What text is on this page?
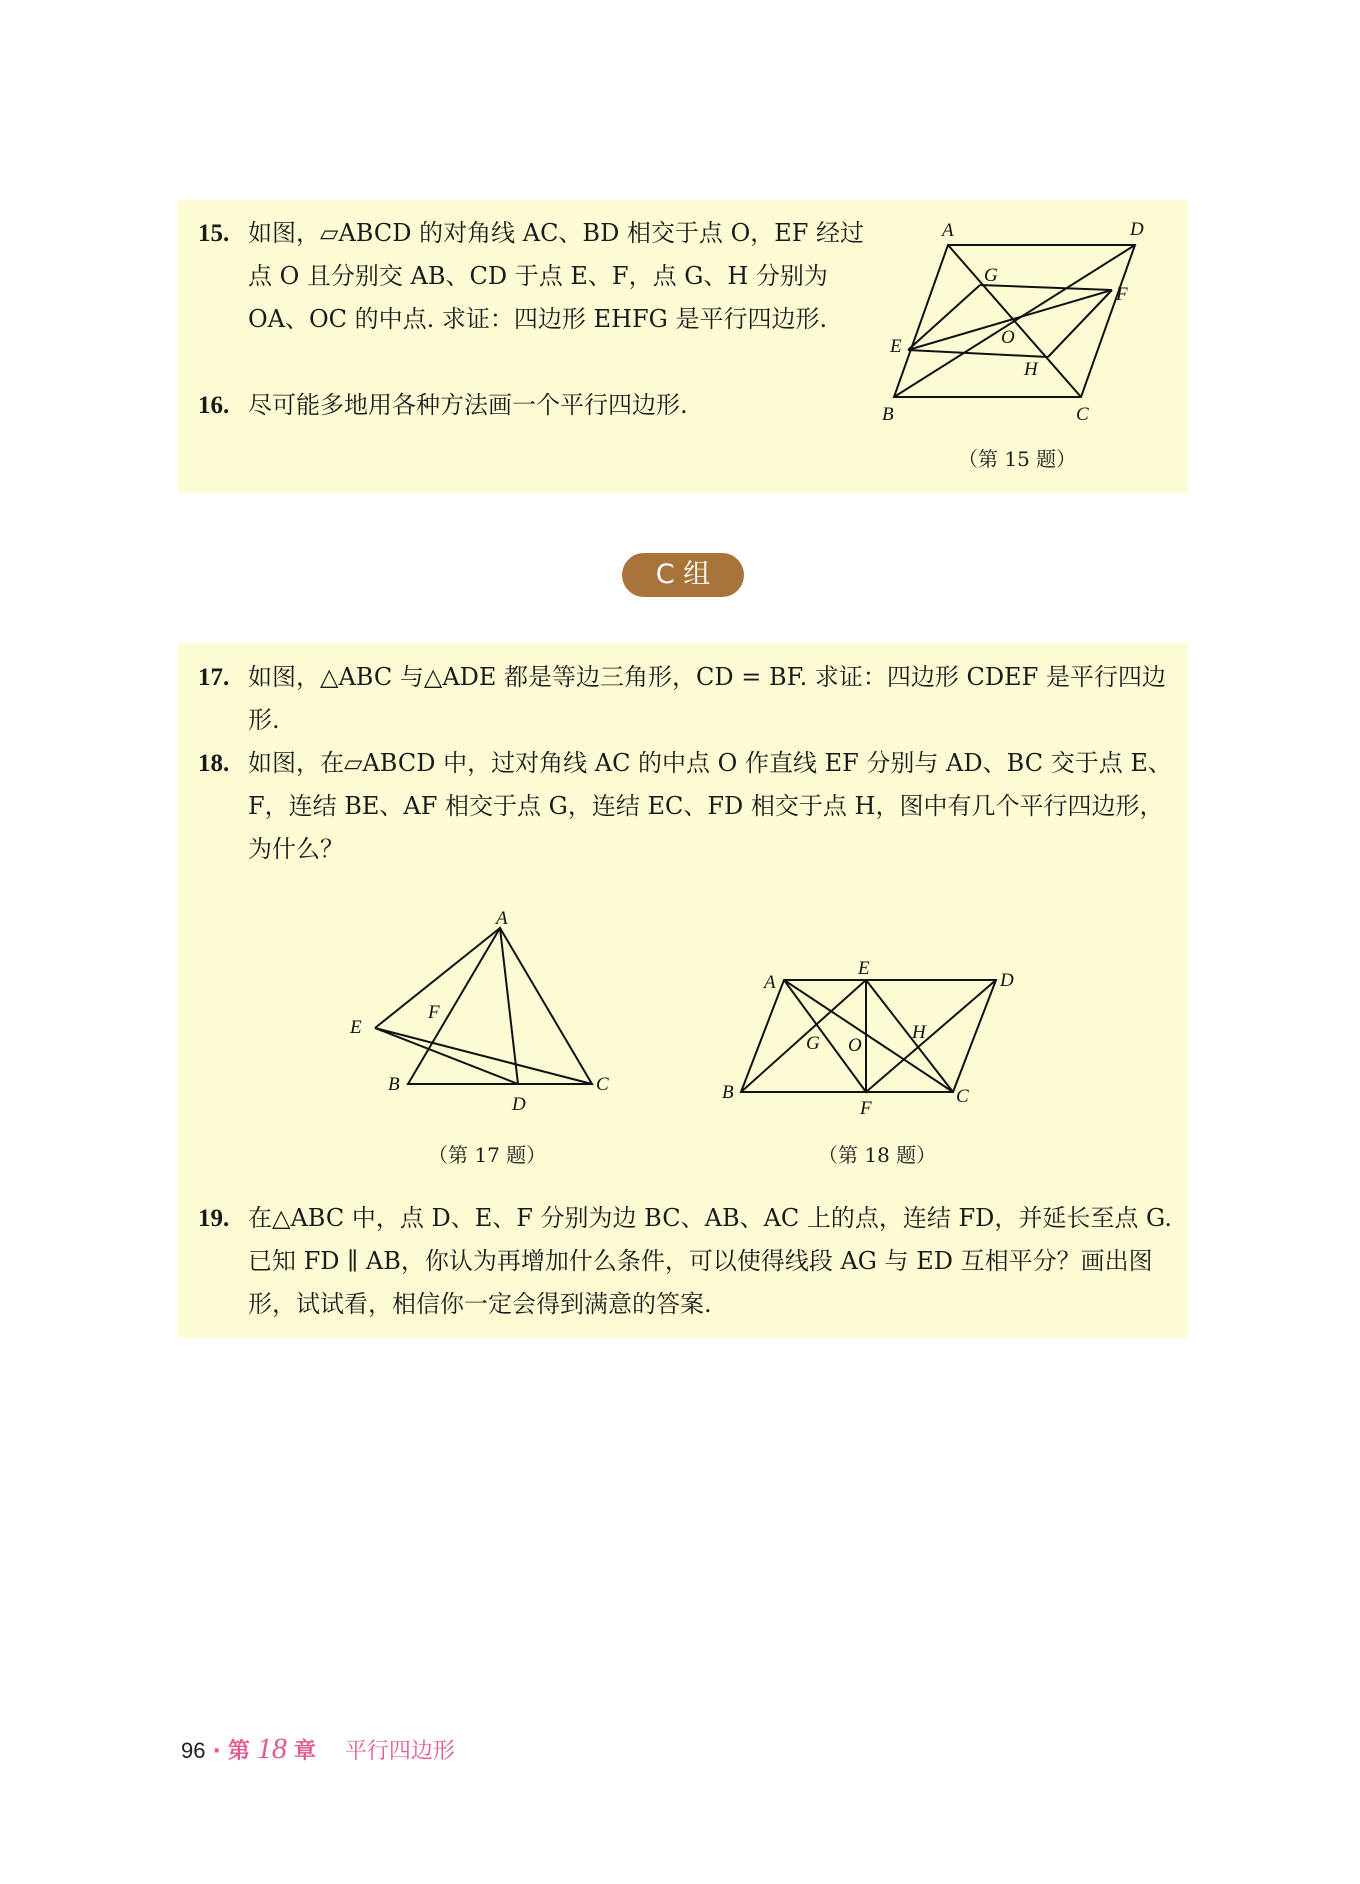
15. 如图，▱ABCD 的对角线 AC、BD 相交于点 O，EF 经过点 O 且分别交 AB、CD 于点 E、F，点 G、H 分别为 OA、OC 的中点. 求证：四边形 EHFG 是平行四边形.
16. 尽可能多地用各种方法画一个平行四边形.
A	D
G
F
O
E
H
B	C
（第 15 题）
C 组
17. 如图，△ABC 与△ADE 都是等边三角形，CD = BF. 求证：四边形 CDEF 是平行四边形.
18. 如图，在▱ABCD 中，过对角线 AC 的中点 O 作直线 EF 分别与 AD、BC 交于点 E、F，连结 BE、AF 相交于点 G，连结 EC、FD 相交于点 H，图中有几个平行四边形，为什么？
A
E
F
B
D
C
（第 17 题）
A
E
D
G O
H
B
F
C
（第 18 题）
19. 在△ABC 中，点 D、E、F 分别为边 BC、AB、AC 上的点，连结 FD，并延长至点 G. 已知 FD ∥ AB，你认为再增加什么条件，可以使得线段 AG 与 ED 互相平分？画出图形，试试看，相信你一定会得到满意的答案.
96 · 第 18 章 平行四边形
